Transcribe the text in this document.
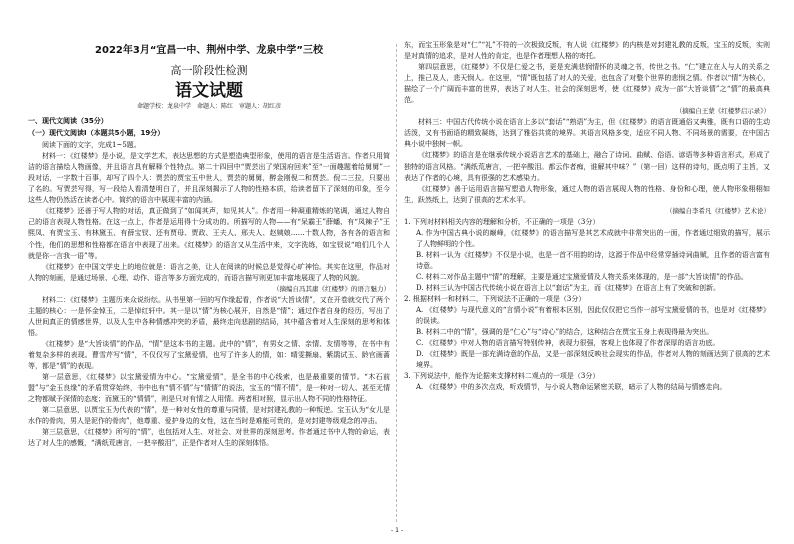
2022年3月“宜昌一中、荆州中学、龙泉中学”三校
高一阶段性检测
语文试题
命题学校：龙泉中学　命题人：陈红　审题人：胡红彦
一、现代文阅读（35分）
（一）现代文阅读Ⅰ（本题共5小题，19分）

阅读下面的文字，完成1~5题。

材料一：《红楼梦》是小说，是文学艺术，表达思想的方式是塑造典型形象，使用的语言是生活语言。作者只用简洁的语言描绘人物画像，并且语言具有解释个性特点。第二十四回中“贾芸出了荣国府回来”至“一面趣题着给舅舅”一段对话，一字数十百事，却写了四个人：贾芸的贾宝玉中世人，贾芸的舅舅，醉金刚倪二和贾芸。倪二三拉，只要出了名的。写贾芸写得，写一段给人看清楚明白了，并且深刻揭示了人物的性格本质，给读者留下了深刻的印象，至今这些人物仍然活在读者心中。简约的语言中展现丰富的内涵。

《红楼梦》还善于写人物的对话，真正做到了“如闻其声，如见其人”。作者用一种凝重精炼的笔调，通过人物自己的语言表现人物性格。在这一点上，作者是运用得十分成功的。所描写的人物——有“呆霸王”薛蟠、有“凤辣子”王熙凤、有贾宝玉、有林黛玉、有薛宝钗、还有贾母、贾政、王夫人、邢夫人、赵姨娘……十数人物，各有各的语言和个性，他们的思想和性格都在语言中表现了出来。《红楼梦》的语言又从生活中来，文字洗练，如宝钗说“咱们几个人就是你一言我一语”等。

《红楼梦》在中国文学史上的地位就是：语言之美，让人在阅读的时候总是觉得心旷神怡。其实在这里，作品对人物的刻画，是通过场景、心理、动作、语言等多方面完成的，而语言描写则更加丰富地展现了人物的风貌。

（摘编自冯其庸《红楼梦》的语言魅力）

材料二：《红楼梦》主题历来众说纷纭。从书里第一回的写作缘起看，作者说“大旨谈情”，又在开卷就交代了两个主题的核心：一是怀金悼玉，二是悼红轩中。其一是以“情”为核心展开，自然是“情”；通过作者自身的经历，写出了人世间真正的情感世界，以及人生中各种情感冲突的矛盾，最终走向悲剧的结局，其中蕴含着对人生深刻的思考和体悟。

《红楼梦》是“大旨谈情”的作品，“情”是这本书的主题。此中的“情”，有男女之情、亲情、友情等等，在书中有着复杂多样的表现。曹雪芹写“情”，不仅仅写了宝黛爱情，也写了许多人的情，如：晴雯撕扇、紫鹃试玉、龄官画蔷等，都是“情”的表现。

第一层意思，《红楼梦》以宝黛爱情为中心。“宝黛爱情”，是全书的中心线索，也是最重要的情节。“木石前盟”与“金玉良缘”的矛盾贯穿始终，书中也有“情不情”与“情情”的说法，宝玉的“情不情”，是一种对一切人、甚至无情之物都赋予深情的态度；而黛玉的“情情”，则是只对有情之人用情。两者相对照，显示出人物不同的性格特征。

第二层意思，以贾宝玉为代表的“情”，是一种对女性的尊重与同情，是对封建礼教的一种叛逆。宝玉认为“女儿是水作的骨肉，男人是泥作的骨肉”，他尊重、爱护身边的女性，这在当时是难能可贵的，是对封建等级观念的冲击。

第三层意思，《红楼梦》所写的“情”，也包括对人生、对社会、对世界的深刻思考。作者通过书中人物的命运，表达了对人生的感慨，“满纸荒唐言，一把辛酸泪”，正是作者对人生的深刻体悟。

东，而宝玉形象是对“仁”“礼”不符的一次极致反叛，有人说《红楼梦》的内核是对封建礼教的反叛，宝玉的反叛，实则是对真情的追求，是对人性的肯定，也是作者理想人格的寄托。

第四层意思，《红楼梦》不仅是仁爱之书，更是充满悲悯情怀的灵魂之书，传世之书。“仁”建立在人与人的关系之上，推己及人，悲天悯人。在这里，“情”既包括了对人的关爱，也包含了对整个世界的悲悯之情。作者以“情”为核心，描绘了一个广阔而丰富的世界，表达了对人生、社会的深刻思考，使《红楼梦》成为一部“大旨谈情”之“情”的最高典范。

（摘编自王蒙《红楼梦启示录》）

材料三：中国古代传统小说在语言上多以“套话”“熟语”为主，但《红楼梦》的语言既通俗又典雅，既有口语的生动活泼，又有书面语的精致凝练，达到了雅俗共赏的境界。其语言风格多变，适应不同人物、不同场景的需要，在中国古典小说中独树一帜。

《红楼梦》的语言是在继承传统小说语言艺术的基础上，融合了诗词、曲赋、俗语、谚语等多种语言形式，形成了独特的语言风格。“满纸荒唐言，一把辛酸泪。都云作者痴，谁解其中味？”（第一回）这样的诗句，既点明了主旨，又表达了作者的心境，具有很强的艺术感染力。

《红楼梦》善于运用语言描写塑造人物形象，通过人物的语言展现人物的性格、身份和心理，使人物形象栩栩如生，跃然纸上，达到了很高的艺术水平。

（摘编自李希凡《红楼梦》艺术论）

1. 下列对材料相关内容的理解和分析，不正确的一项是（3分）

A. 作为中国古典小说的巅峰，《红楼梦》的语言描写是其艺术成就中非常突出的一面，作者通过细致的描写，展示了人物鲜明的个性。

B. 材料一认为《红楼梦》不仅是小说，也是一首不用韵的诗，这源于作品中经常穿插诗词曲赋，且作者的语言富有诗意。

C. 材料二对作品主题中“情”的理解，主要是通过宝黛爱情及人物关系来体现的，是一部“大旨谈情”的作品。

D. 材料三认为中国古代传统小说在语言上以“套话”为主，而《红楼梦》在语言上有了突破和创新。

2. 根据材料一和材料二，下列说法不正确的一项是（3分）

A. 《红楼梦》与现代意义的“言情小说”有着根本区别，因此仅仅把它当作一部写宝黛爱情的书，也是对《红楼梦》的误读。

B. 材料二中的“情”，强调的是“仁心”与“诗心”的结合，这种结合在贾宝玉身上表现得最为突出。

C. 《红楼梦》中对人物的语言描写特别传神，表现力很强，客观上也体现了作者深厚的语言功底。

D. 《红楼梦》既是一部充满诗意的作品，又是一部深刻反映社会现实的作品，作者对人物的刻画达到了很高的艺术境界。

3. 下列说法中，能作为论据来支撑材料二观点的一项是（3分）

A. 《红楼梦》中的多次点戏，听戏情节，与小说人物命运紧密关联，暗示了人物的结局与情感走向。

- 1 -
